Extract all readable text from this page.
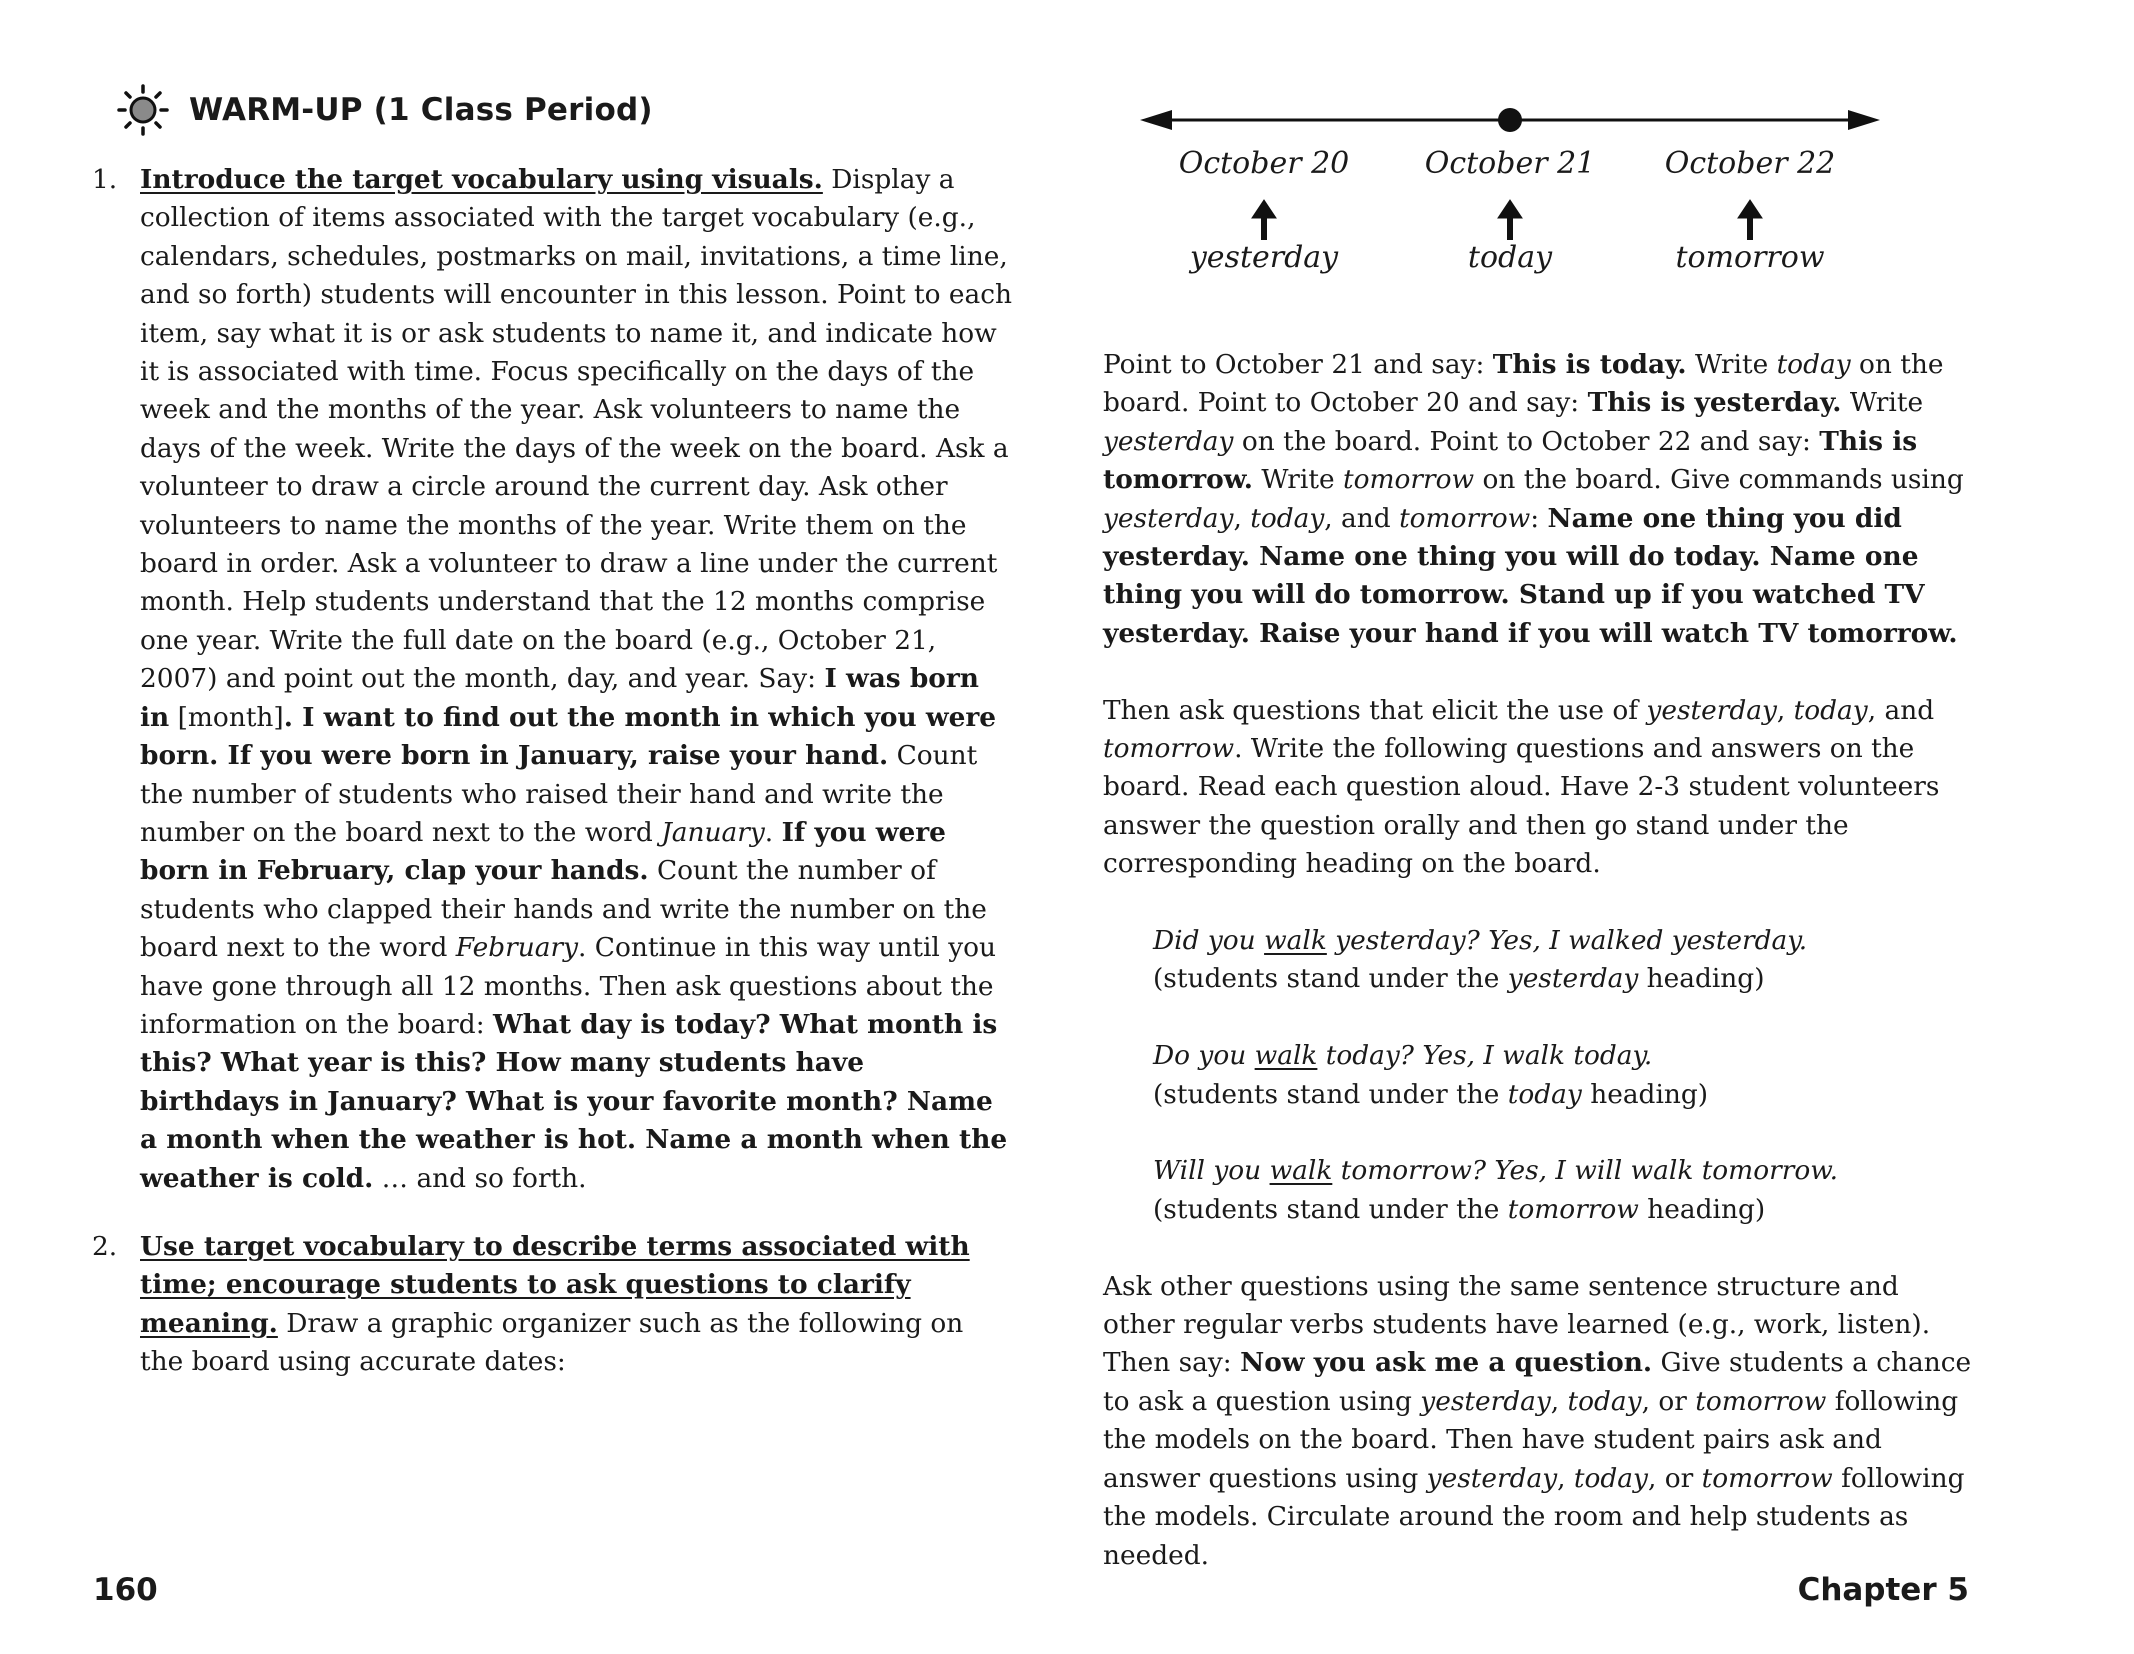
WARM-UP (1 Class Period)
1. Introduce the target vocabulary using visuals. Display a collection of items associated with the target vocabulary (e.g., calendars, schedules, postmarks on mail, invitations, a time line, and so forth) students will encounter in this lesson. Point to each item, say what it is or ask students to name it, and indicate how it is associated with time. Focus specifically on the days of the week and the months of the year. Ask volunteers to name the days of the week. Write the days of the week on the board. Ask a volunteer to draw a circle around the current day. Ask other volunteers to name the months of the year. Write them on the board in order. Ask a volunteer to draw a line under the current month. Help students understand that the 12 months comprise one year. Write the full date on the board (e.g., October 21, 2007) and point out the month, day, and year. Say: I was born in [month]. I want to find out the month in which you were born. If you were born in January, raise your hand. Count the number of students who raised their hand and write the number on the board next to the word January. If you were born in February, clap your hands. Count the number of students who clapped their hands and write the number on the board next to the word February. Continue in this way until you have gone through all 12 months. Then ask questions about the information on the board: What day is today? What month is this? What year is this? How many students have birthdays in January? What is your favorite month? Name a month when the weather is hot. Name a month when the weather is cold. … and so forth.
2. Use target vocabulary to describe terms associated with time; encourage students to ask questions to clarify meaning. Draw a graphic organizer such as the following on the board using accurate dates:
October 20	October 21	October 22
yesterday	today	tomorrow

Point to October 21 and say: This is today. Write today on the board. Point to October 20 and say: This is yesterday. Write yesterday on the board. Point to October 22 and say: This is tomorrow. Write tomorrow on the board. Give commands using yesterday, today, and tomorrow: Name one thing you did yesterday. Name one thing you will do today. Name one thing you will do tomorrow. Stand up if you watched TV yesterday. Raise your hand if you will watch TV tomorrow.

Then ask questions that elicit the use of yesterday, today, and tomorrow. Write the following questions and answers on the board. Read each question aloud. Have 2-3 student volunteers answer the question orally and then go stand under the corresponding heading on the board.

Did you walk yesterday? Yes, I walked yesterday.
(students stand under the yesterday heading)
Do you walk today? Yes, I walk today.
(students stand under the today heading)
Will you walk tomorrow? Yes, I will walk tomorrow.
(students stand under the tomorrow heading)

Ask other questions using the same sentence structure and other regular verbs students have learned (e.g., work, listen). Then say: Now you ask me a question. Give students a chance to ask a question using yesterday, today, or tomorrow following the models on the board. Then have student pairs ask and answer questions using yesterday, today, or tomorrow following the models. Circulate around the room and help students as needed.

160	Chapter 5
